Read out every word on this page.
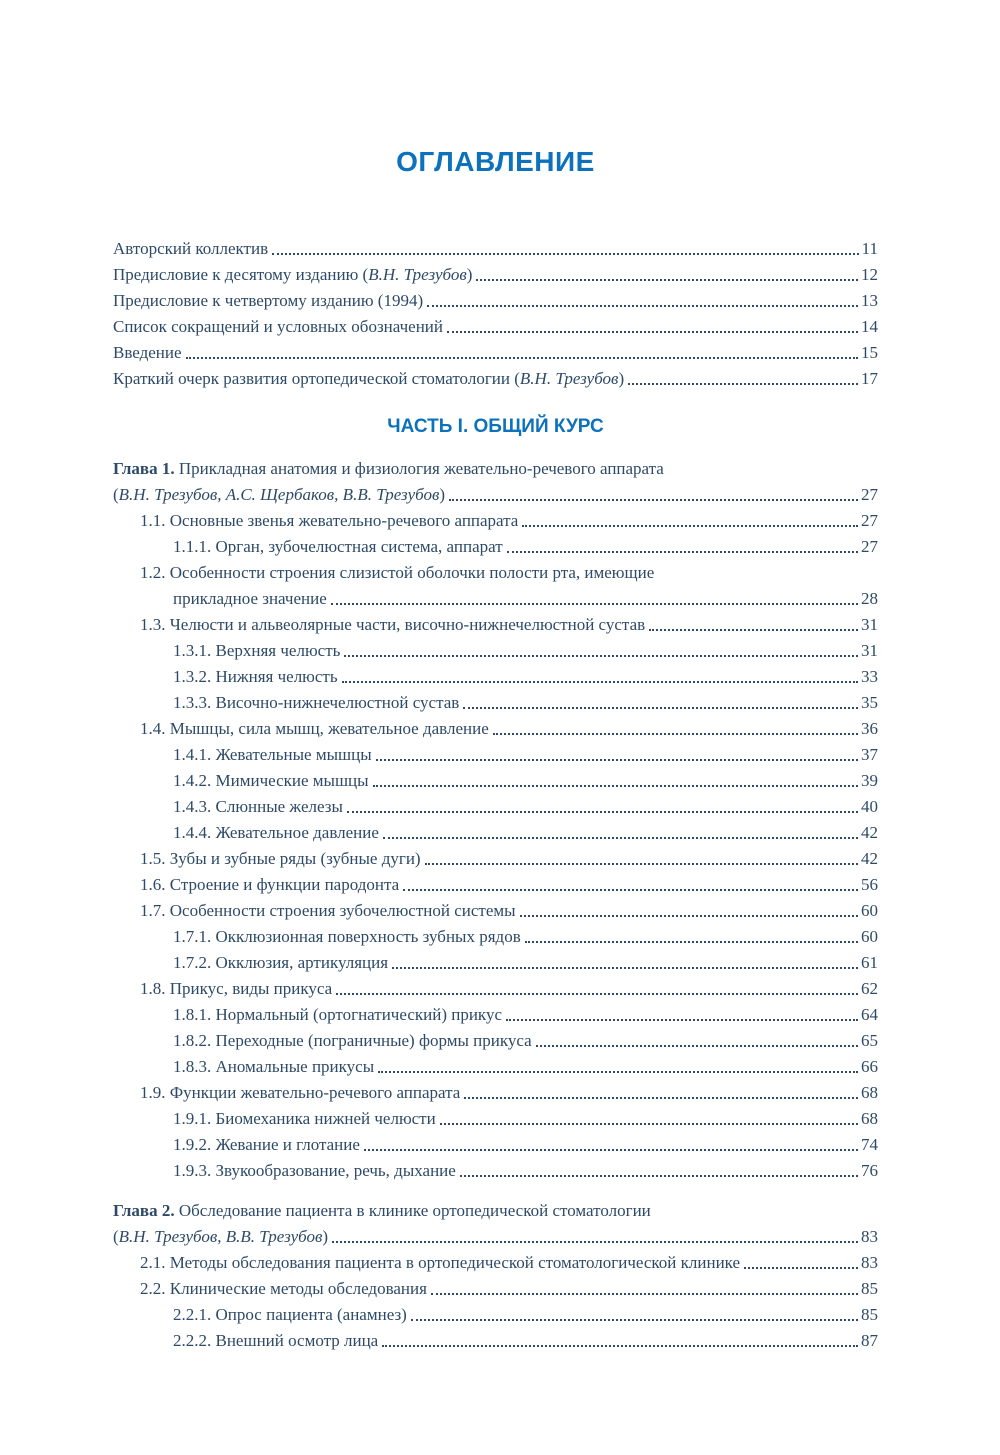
ОГЛАВЛЕНИЕ
Авторский коллектив	11
Предисловие к десятому изданию (В.Н. Трезубов)	12
Предисловие к четвертому изданию (1994)	13
Список сокращений и условных обозначений	14
Введение	15
Краткий очерк развития ортопедической стоматологии (В.Н. Трезубов)	17
ЧАСТЬ I. ОБЩИЙ КУРС
Глава 1. Прикладная анатомия и физиология жевательно-речевого аппарата
(В.Н. Трезубов, А.С. Щербаков, В.В. Трезубов)	27
1.1. Основные звенья жевательно-речевого аппарата	27
1.1.1. Орган, зубочелюстная система, аппарат	27
1.2. Особенности строения слизистой оболочки полости рта, имеющие
прикладное значение	28
1.3. Челюсти и альвеолярные части, височно-нижнечелюстной сустав	31
1.3.1. Верхняя челюсть	31
1.3.2. Нижняя челюсть	33
1.3.3. Височно-нижнечелюстной сустав	35
1.4. Мышцы, сила мышц, жевательное давление	36
1.4.1. Жевательные мышцы	37
1.4.2. Мимические мышцы	39
1.4.3. Слюнные железы	40
1.4.4. Жевательное давление	42
1.5. Зубы и зубные ряды (зубные дуги)	42
1.6. Строение и функции пародонта	56
1.7. Особенности строения зубочелюстной системы	60
1.7.1. Окклюзионная поверхность зубных рядов	60
1.7.2. Окклюзия, артикуляция	61
1.8. Прикус, виды прикуса	62
1.8.1. Нормальный (ортогнатический) прикус	64
1.8.2. Переходные (пограничные) формы прикуса	65
1.8.3. Аномальные прикусы	66
1.9. Функции жевательно-речевого аппарата	68
1.9.1. Биомеханика нижней челюсти	68
1.9.2. Жевание и глотание	74
1.9.3. Звукообразование, речь, дыхание	76
Глава 2. Обследование пациента в клинике ортопедической стоматологии
(В.Н. Трезубов, В.В. Трезубов)	83
2.1. Методы обследования пациента в ортопедической стоматологической клинике	83
2.2. Клинические методы обследования	85
2.2.1. Опрос пациента (анамнез)	85
2.2.2. Внешний осмотр лица	87
